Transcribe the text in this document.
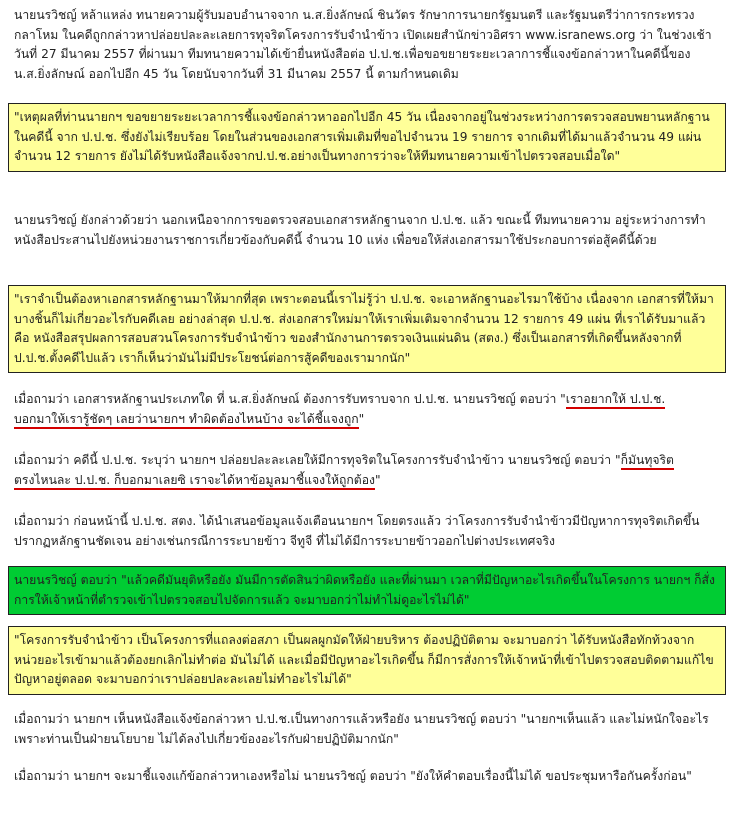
นายนรวิชญ์ หล้าแหล่ง ทนายความผู้รับมอบอำนาจจาก น.ส.ยิ่งลักษณ์ ชินวัตร รักษาการนายกรัฐมนตรี และรัฐมนตรีว่าการกระทรวงกลาโหม ในคดีถูกกล่าวหาปล่อยปละละเลยการทุจริตโครงการรับจำนำข้าว เปิดเผยสำนักข่าวอิศรา www.isranews.org ว่า ในช่วงเช้าวันที่ 27 มีนาคม 2557 ที่ผ่านมา ทีมทนายความได้เข้ายื่นหนังสือต่อ ป.ป.ช.เพื่อขอขยายระยะเวลาการชี้แจงข้อกล่าวหาในคดีนี้ของ น.ส.ยิ่งลักษณ์ ออกไปอีก 45 วัน โดยนับจากวันที่ 31 มีนาคม 2557 นี้ ตามกำหนดเดิม
"เหตุผลที่ท่านนายกฯ ขอขยายระยะเวลาการชี้แจงข้อกล่าวหาออกไปอีก 45 วัน เนื่องจากอยู่ในช่วงระหว่างการตรวจสอบพยานหลักฐานในคดีนี้ จาก ป.ป.ช. ซึ่งยังไม่เรียบร้อย โดยในส่วนของเอกสารเพิ่มเติมที่ขอไปจำนวน 19 รายการ จากเดิมที่ได้มาแล้วจำนวน 49 แผ่น จำนวน 12 รายการ ยังไม่ได้รับหนังสือแจ้งจากป.ป.ช.อย่างเป็นทางการว่าจะให้ทีมทนายความเข้าไปตรวจสอบเมื่อใด"
นายนรวิชญ์ ยังกล่าวด้วยว่า นอกเหนือจากการขอตรวจสอบเอกสารหลักฐานจาก ป.ป.ช. แล้ว ขณะนี้ ทีมทนายความ อยู่ระหว่างการทำหนังสือประสานไปยังหน่วยงานราชการเกี่ยวข้องกับคดีนี้ จำนวน 10 แห่ง เพื่อขอให้ส่งเอกสารมาใช้ประกอบการต่อสู้คดีนี้ด้วย
"เราจำเป็นต้องหาเอกสารหลักฐานมาให้มากที่สุด เพราะตอนนี้เราไม่รู้ว่า ป.ป.ช. จะเอาหลักฐานอะไรมาใช้บ้าง เนื่องจาก เอกสารที่ให้มาบางชิ้นก็ไม่เกี่ยวอะไรกับคดีเลย อย่างล่าสุด ป.ป.ช. ส่งเอกสารใหม่มาให้เราเพิ่มเติมจากจำนวน 12 รายการ 49 แผ่น ที่เราได้รับมาแล้ว คือ หนังสือสรุปผลการสอบสวนโครงการรับจำนำข้าว ของสำนักงานการตรวจเงินแผ่นดิน (สตง.) ซึ่งเป็นเอกสารที่เกิดขึ้นหลังจากที่ ป.ป.ช.ตั้งคดีไปแล้ว เราก็เห็นว่ามันไม่มีประโยชน์ต่อการสู้คดีของเรามากนัก"
เมื่อถามว่า เอกสารหลักฐานประเภทใด ที่ น.ส.ยิ่งลักษณ์ ต้องการรับทราบจาก ป.ป.ช. นายนรวิชญ์ ตอบว่า "เราอยากให้ ป.ป.ช.
บอกมาให้เรารู้ชัดๆ เลยว่านายกฯ ทำผิดต้องไหนบ้าง จะได้ชี้แจงถูก"
เมื่อถามว่า คดีนี้ ป.ป.ช. ระบุว่า นายกฯ ปล่อยปละละเลยให้มีการทุจริตในโครงการรับจำนำข้าว นายนรวิชญ์ ตอบว่า "ก็มันทุจริต
ตรงไหนละ ป.ป.ช. ก็บอกมาเลยซิ เราจะได้หาข้อมูลมาชี้แจงให้ถูกต้อง"
เมื่อถามว่า ก่อนหน้านี้ ป.ป.ช. สตง. ได้นำเสนอข้อมูลแจ้งเตือนนายกฯ โดยตรงแล้ว ว่าโครงการรับจำนำข้าวมีปัญหาการทุจริตเกิดขึ้น ปรากฏหลักฐานชัดเจน อย่างเช่นกรณีการระบายข้าว จีทูจี ที่ไม่ได้มีการระบายข้าวออกไปต่างประเทศจริง
นายนรวิชญ์ ตอบว่า "แล้วคดีมันยุติหรือยัง มันมีการตัดสินว่าผิดหรือยัง และที่ผ่านมา เวลาที่มีปัญหาอะไรเกิดขึ้นในโครงการ นายกฯ ก็สั่งการให้เจ้าหน้าที่ตำรวจเข้าไปตรวจสอบไปจัดการแล้ว จะมาบอกว่าไม่ทำไม่ดูอะไรไม่ได้"
"โครงการรับจำนำข้าว เป็นโครงการที่แถลงต่อสภา เป็นผลผูกมัดให้ฝ่ายบริหาร ต้องปฏิบัติตาม จะมาบอกว่า ได้รับหนังสือทักท้วงจากหน่วยอะไรเข้ามาแล้วต้องยกเลิกไม่ทำต่อ มันไม่ได้ และเมื่อมีปัญหาอะไรเกิดขึ้น ก็มีการสั่งการให้เจ้าหน้าที่เข้าไปตรวจสอบติดตามแก้ไขปัญหาอยู่ตลอด จะมาบอกว่าเราปล่อยปละละเลยไม่ทำอะไรไม่ได้"
เมื่อถามว่า นายกฯ เห็นหนังสือแจ้งข้อกล่าวหา ป.ป.ช.เป็นทางการแล้วหรือยัง นายนรวิชญ์ ตอบว่า "นายกฯเห็นแล้ว และไม่หนักใจอะไร เพราะท่านเป็นฝ่ายนโยบาย ไม่ได้ลงไปเกี่ยวข้องอะไรกับฝ่ายปฏิบัติมากนัก"
เมื่อถามว่า นายกฯ จะมาชี้แจงแก้ข้อกล่าวหาเองหรือไม่ นายนรวิชญ์ ตอบว่า "ยังให้คำตอบเรื่องนี้ไม่ได้ ขอประชุมหารือกันครั้งก่อน"
